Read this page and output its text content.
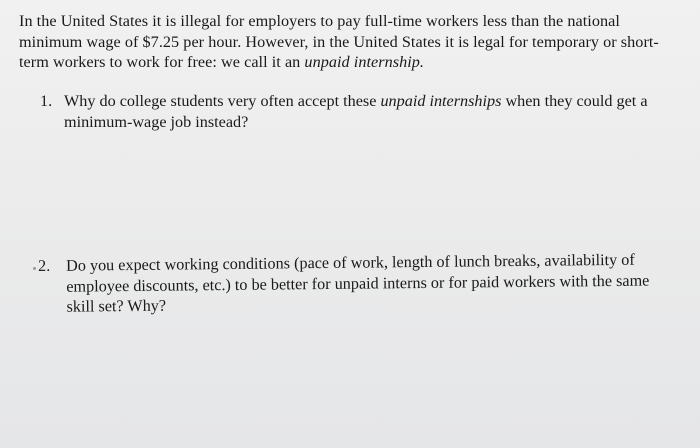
In the United States it is illegal for employers to pay full-time workers less than the national minimum wage of $7.25 per hour. However, in the United States it is legal for temporary or short-term workers to work for free: we call it an unpaid internship.

1. Why do college students very often accept these unpaid internships when they could get a minimum-wage job instead?
2. Do you expect working conditions (pace of work, length of lunch breaks, availability of employee discounts, etc.) to be better for unpaid interns or for paid workers with the same skill set? Why?
